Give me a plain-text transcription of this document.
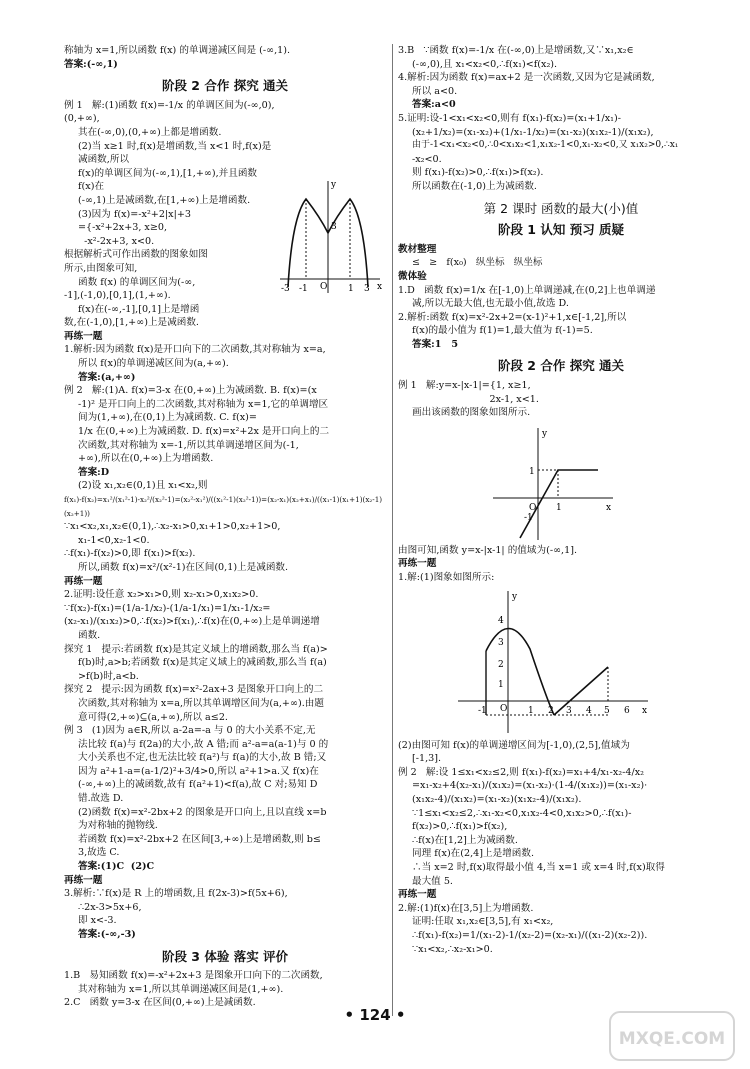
称轴为 x=1,所以函数 f(x) 的单调递减区间是 (-∞,1).

答案:(-∞,1)

阶段 2 合作 探究 通关

例 1   解:(1)函数 f(x)=-1/x 的单调区间为(-∞,0),(0,+∞),

其在(-∞,0),(0,+∞)上都是增函数.

(2)当 x≥1 时,f(x)是增函数,当 x<1 时,f(x)是减函数,所以

f(x)的单调区间为(-∞,1),[1,+∞),并且函数 f(x)在

(-∞,1)上是减函数,在[1,+∞)上是增函数.

(3)因为 f(x)=-x²+2|x|+3

={-x²+2x+3, x≥0,

-x²-2x+3, x<0.

根据解析式可作出函数的图象如图

所示,由图象可知,

函数 f(x) 的单调区间为(-∞,

-1],(-1,0),[0,1],(1,+∞).

f(x)在(-∞,-1],[0,1]上是增函

数,在(-1,0),[1,+∞)上是减函数.

y
3
-3 -1 O 1 3 x

再练一题

1.解析:因为函数 f(x)是开口向下的二次函数,其对称轴为 x=a,

所以 f(x)的单调递减区间为(a,+∞).

答案:(a,+∞)

例 2   解:(1)A. f(x)=3-x 在(0,+∞)上为减函数. B. f(x)=(x

-1)² 是开口向上的二次函数,其对称轴为 x=1,它的单调增区

间为(1,+∞),在(0,1)上为减函数. C. f(x)=

1/x 在(0,+∞)上为减函数. D. f(x)=x²+2x 是开口向上的二

次函数,其对称轴为 x=-1,所以其单调递增区间为(-1,

+∞),所以在(0,+∞)上为增函数.

答案:D

(2)设 x₁,x₂∈(0,1)且 x₁<x₂,则

f(x₁)-f(x₂)=x₁²/(x₁²-1)-x₂²/(x₂²-1)=(x₂²-x₁²)/((x₁²-1)(x₂²-1))=(x₂-x₁)(x₂+x₁)/((x₁-1)(x₁+1)(x₂-1)(x₂+1))

∵x₁<x₂,x₁,x₂∈(0,1),∴x₂-x₁>0,x₁+1>0,x₂+1>0,

x₁-1<0,x₂-1<0.

∴f(x₁)-f(x₂)>0,即 f(x₁)>f(x₂).

所以,函数 f(x)=x²/(x²-1)在区间(0,1)上是减函数.

再练一题

2.证明:设任意 x₂>x₁>0,则 x₂-x₁>0,x₁x₂>0.

∵f(x₂)-f(x₁)=(1/a-1/x₂)-(1/a-1/x₁)=1/x₁-1/x₂=

(x₂-x₁)/(x₁x₂)>0,∴f(x₂)>f(x₁),∴f(x)在(0,+∞)上是单调递增

函数.

探究 1   提示:若函数 f(x)是其定义域上的增函数,那么当 f(a)>

f(b)时,a>b;若函数 f(x)是其定义域上的减函数,那么当 f(a)

>f(b)时,a<b.

探究 2   提示:因为函数 f(x)=x²-2ax+3 是图象开口向上的二

次函数,其对称轴为 x=a,所以其单调增区间为(a,+∞).由题

意可得(2,+∞)⊆(a,+∞),所以 a≤2.

例 3   (1)因为 a∈R,所以 a-2a=-a 与 0 的大小关系不定,无

法比较 f(a)与 f(2a)的大小,故 A 错;而 a²-a=a(a-1)与 0 的

大小关系也不定,也无法比较 f(a²)与 f(a)的大小,故 B 错;又

因为 a²+1-a=(a-1/2)²+3/4>0,所以 a²+1>a.又 f(x)在

(-∞,+∞)上的减函数,故有 f(a²+1)<f(a),故 C 对;易知 D

错.故选 D.

(2)函数 f(x)=x²-2bx+2 的图象是开口向上,且以直线 x=b

为对称轴的抛物线.

若函数 f(x)=x²-2bx+2 在区间[3,+∞)上是增函数,则 b≤

3,故选 C.

答案:(1)C  (2)C

再练一题

3.解析:∵f(x)是 R 上的增函数,且 f(2x-3)>f(5x+6),

∴2x-3>5x+6,

即 x<-3.

答案:(-∞,-3)

阶段 3 体验 落实 评价

1.B   易知函数 f(x)=-x²+2x+3 是图象开口向下的二次函数,

其对称轴为 x=1,所以其单调递减区间是(1,+∞).

2.C   函数 y=3-x 在区间(0,+∞)上是减函数.

3.B   ∵函数 f(x)=-1/x 在(-∞,0)上是增函数,又∵x₁,x₂∈

(-∞,0),且 x₁<x₂<0,∴f(x₁)<f(x₂).

4.解析:因为函数 f(x)=ax+2 是一次函数,又因为它是减函数,

所以 a<0.

答案:a<0

5.证明:设-1<x₁<x₂<0,则有 f(x₁)-f(x₂)=(x₁+1/x₁)-

(x₂+1/x₂)=(x₁-x₂)+(1/x₁-1/x₂)=(x₁-x₂)(x₁x₂-1)/(x₁x₂),

由于-1<x₁<x₂<0,∴0<x₁x₂<1,x₁x₂-1<0,x₁-x₂<0,又 x₁x₂>0,∴x₁

-x₂<0.

则 f(x₁)-f(x₂)>0,∴f(x₁)>f(x₂).

所以函数在(-1,0)上为减函数.

第 2 课时 函数的最大(小)值
阶段 1 认知 预习 质疑

教材整理

≤   ≥   f(x₀)   纵坐标   纵坐标

微体验

1.D   函数 f(x)=1/x 在[-1,0)上单调递减,在(0,2]上也单调递

减,所以无最大值,也无最小值,故选 D.

2.解析:函数 f(x)=x²-2x+2=(x-1)²+1,x∈[-1,2],所以

f(x)的最小值为 f(1)=1,最大值为 f(-1)=5.

答案:1   5

阶段 2 合作 探究 通关

例 1   解:y=x-|x-1|={1, x≥1,

2x-1, x<1.

画出该函数的图象如图所示.

y
1
-1
O 1	x

由图可知,函数 y=x-|x-1| 的值域为(-∞,1].

再练一题

1.解:(1)图象如图所示:

y
4
3
2
1
-1 O 1 2 3 4 5 6 x

(2)由图可知 f(x)的单调递增区间为[-1,0),(2,5],值域为

[-1,3].

例 2   解:设 1≤x₁<x₂≤2,则 f(x₁)-f(x₂)=x₁+4/x₁-x₂-4/x₂

=x₁-x₂+4(x₂-x₁)/(x₁x₂)=(x₁-x₂)·(1-4/(x₁x₂))=(x₁-x₂)·

(x₁x₂-4)/(x₁x₂)=(x₁-x₂)(x₁x₂-4)/(x₁x₂).

∵1≤x₁<x₂≤2,∴x₁-x₂<0,x₁x₂-4<0,x₁x₂>0,∴f(x₁)-

f(x₂)>0,∴f(x₁)>f(x₂),

∴f(x)在[1,2]上为减函数.

同理 f(x)在(2,4]上是增函数.

∴当 x=2 时,f(x)取得最小值 4,当 x=1 或 x=4 时,f(x)取得

最大值 5.

再练一题

2.解:(1)f(x)在[3,5]上为增函数.

证明:任取 x₁,x₂∈[3,5],有 x₁<x₂,

∴f(x₁)-f(x₂)=1/(x₁-2)-1/(x₂-2)=(x₂-x₁)/((x₁-2)(x₂-2)).

∵x₁<x₂,∴x₂-x₁>0.

• 124 •
MXQE.COM
